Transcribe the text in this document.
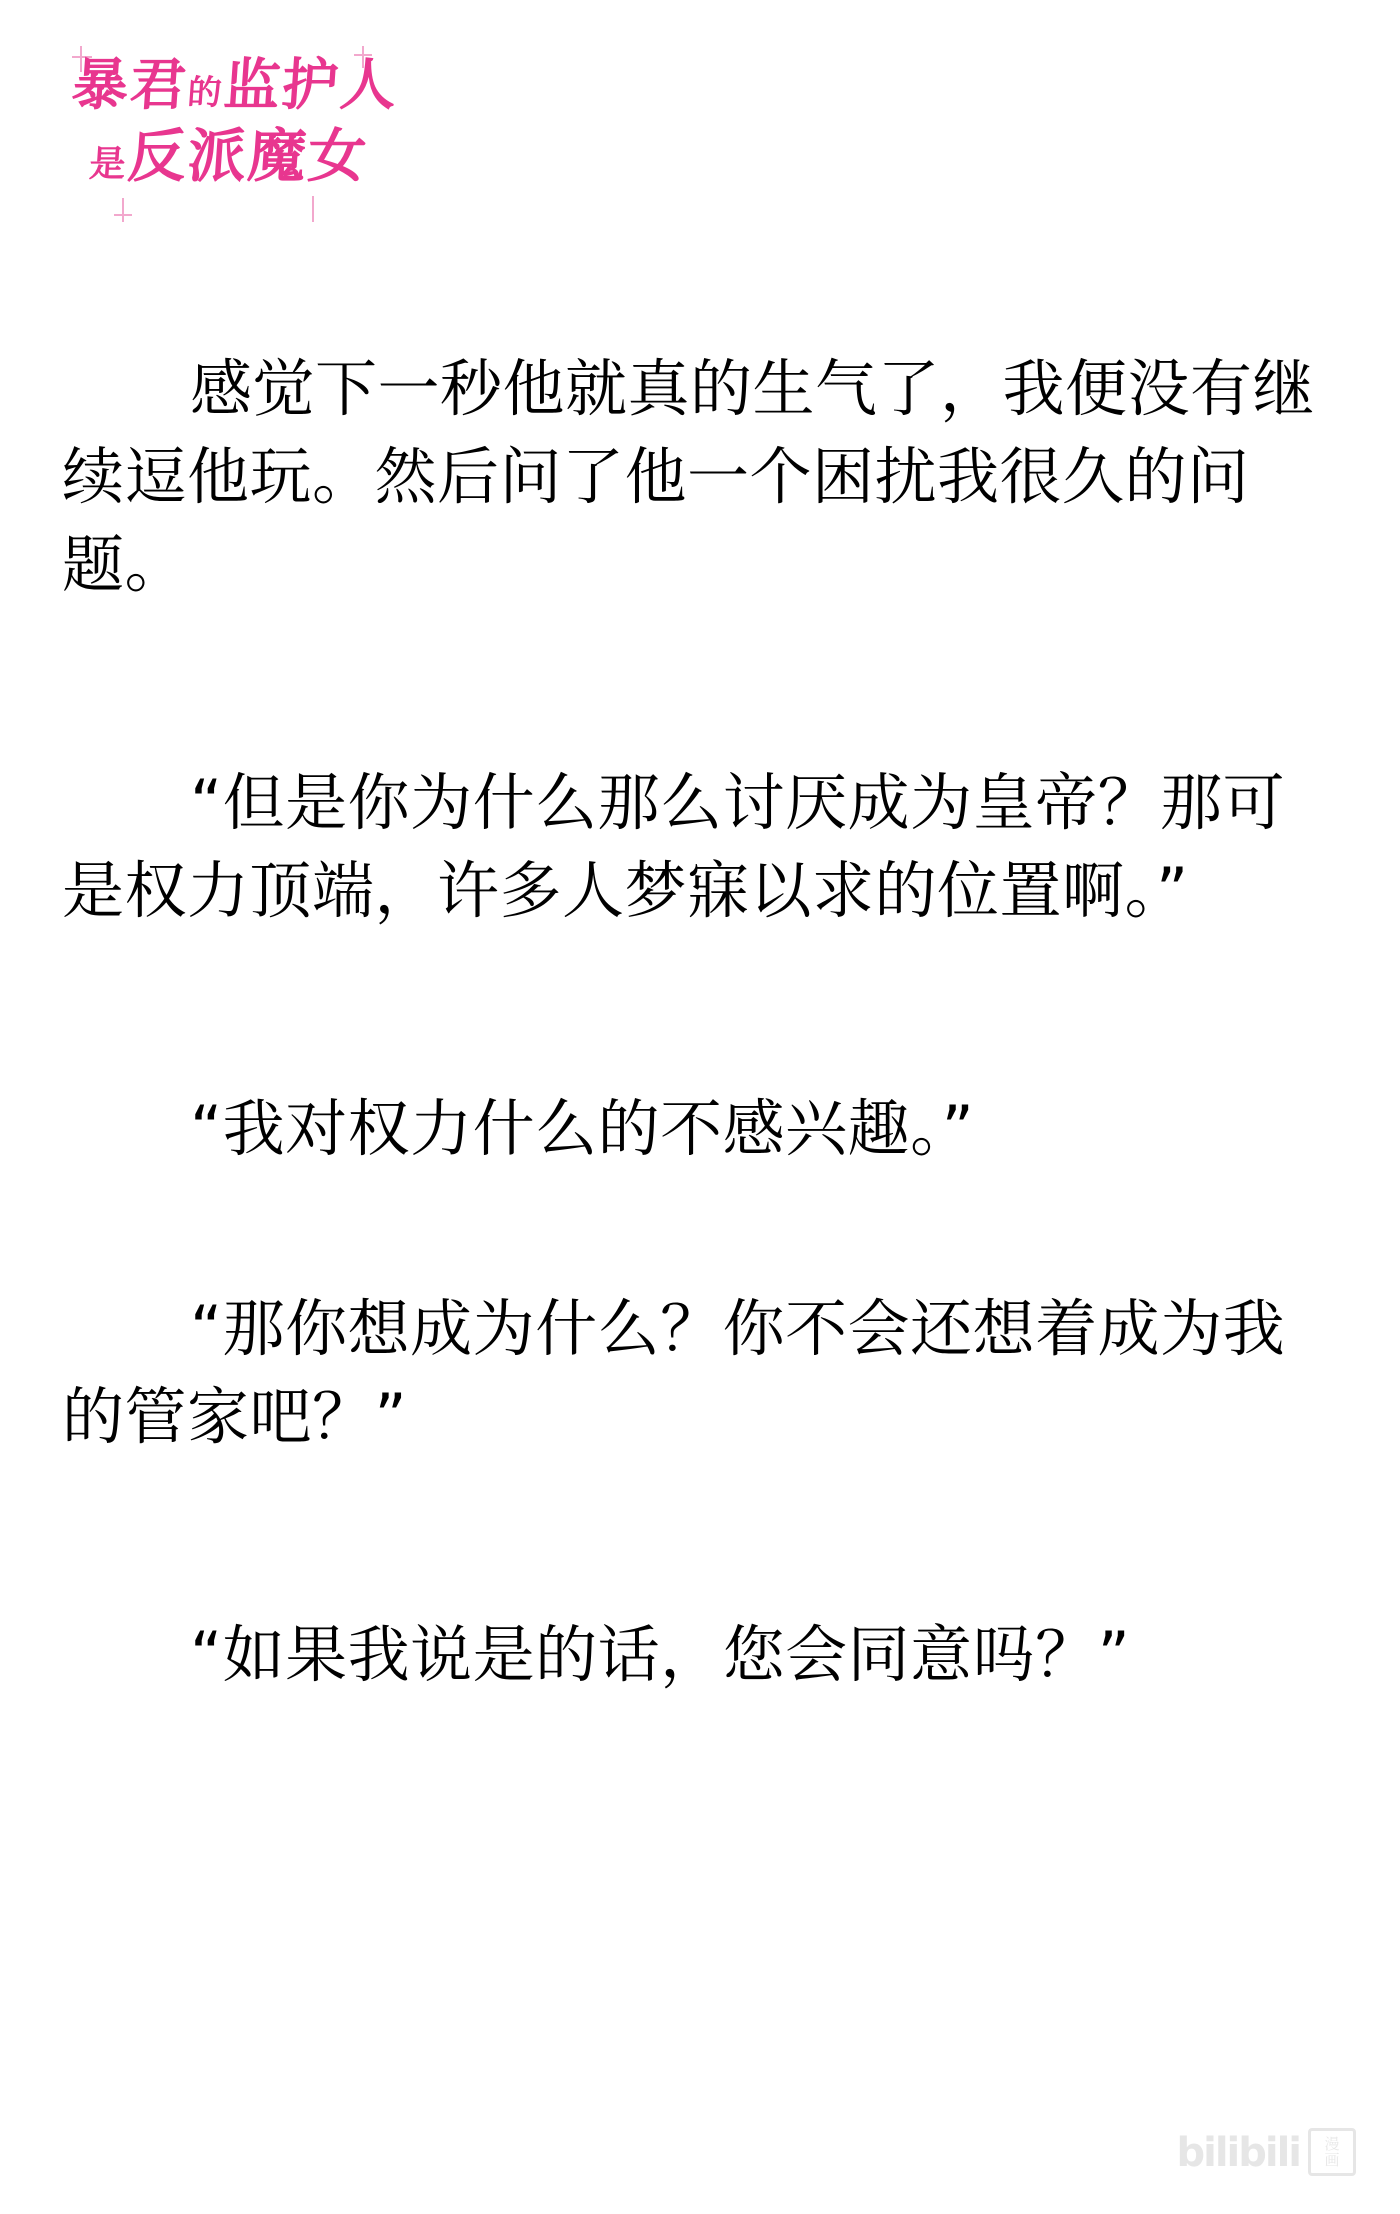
暴君的监护人
是反派魔女

感觉下一秒他就真的生气了，我便没有继续逗他玩。然后问了他一个困扰我很久的问题。

“但是你为什么那么讨厌成为皇帝？那可是权力顶端，许多人梦寐以求的位置啊。”

“我对权力什么的不感兴趣。”

“那你想成为什么？你不会还想着成为我的管家吧？”

“如果我说是的话，您会同意吗？”

bilibili 漫
画
